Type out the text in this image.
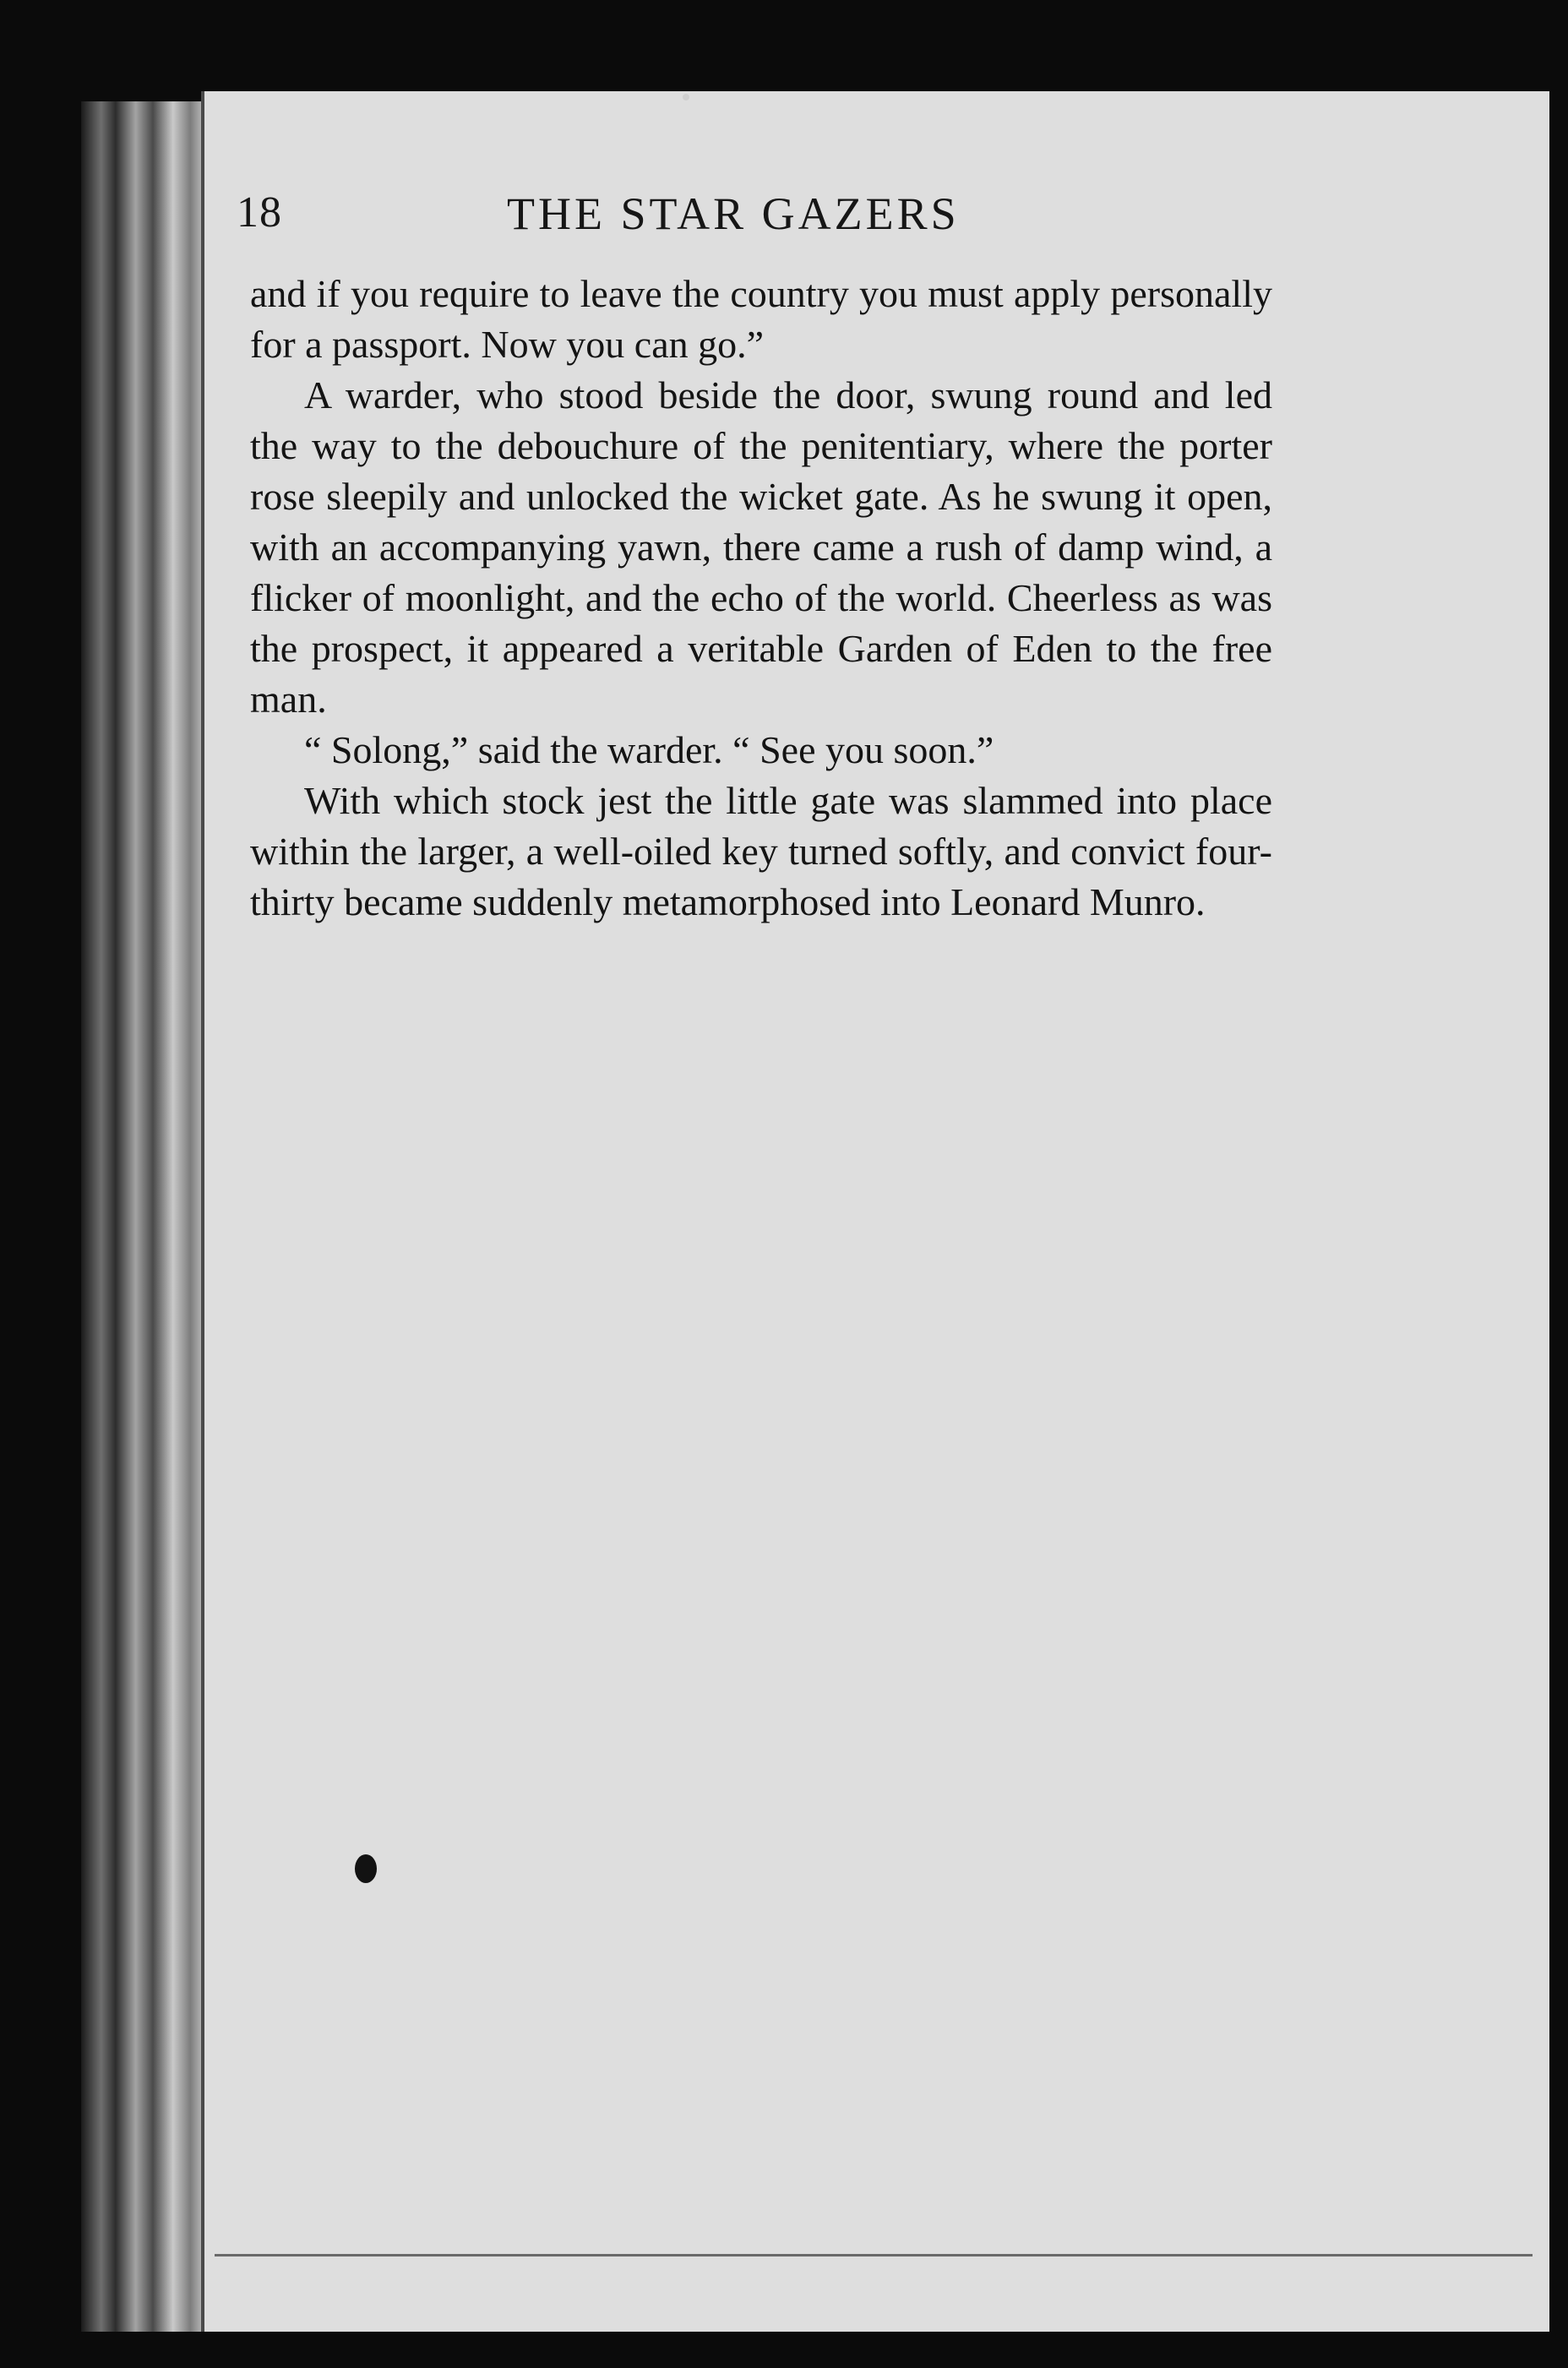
18	THE STAR GAZERS

and if you require to leave the country you must apply personally for a passport. Now you can go.”

A warder, who stood beside the door, swung round and led the way to the debouchure of the penitentiary, where the porter rose sleepily and unlocked the wicket gate. As he swung it open, with an accompanying yawn, there came a rush of damp wind, a flicker of moonlight, and the echo of the world. Cheerless as was the prospect, it appeared a veritable Garden of Eden to the free man.

“ Solong,” said the warder. “ See you soon.”

With which stock jest the little gate was slammed into place within the larger, a well-oiled key turned softly, and convict four-thirty became suddenly metamorphosed into Leonard Munro.
